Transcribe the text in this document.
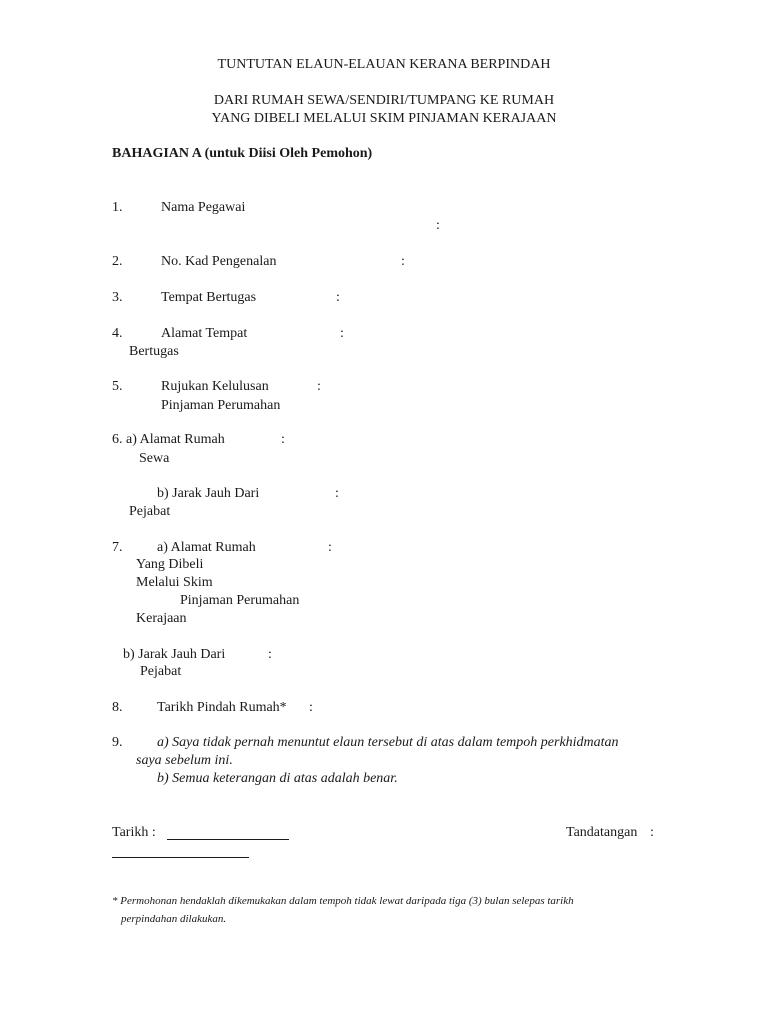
TUNTUTAN ELAUN-ELAUAN KERANA BERPINDAH
DARI RUMAH SEWA/SENDIRI/TUMPANG KE RUMAH
YANG DIBELI MELALUI SKIM PINJAMAN KERAJAAN
BAHAGIAN A (untuk Diisi Oleh Pemohon)
1.	Nama Pegawai
:
2.	No. Kad Pengenalan	:
3.	Tempat Bertugas	:
4.	Alamat Tempat	:
Bertugas
5.	Rujukan Kelulusan	:
Pinjaman Perumahan
6. a) Alamat Rumah	:
Sewa
b) Jarak Jauh Dari	:
Pejabat
7. a) Alamat Rumah	:
Yang Dibeli
Melalui Skim
Pinjaman Perumahan
Kerajaan
b) Jarak Jauh Dari	:
Pejabat
8. Tarikh Pindah Rumah* :
9. a) Saya tidak pernah menuntut elaun tersebut di atas dalam tempoh perkhidmatan
saya sebelum ini.
b) Semua keterangan di atas adalah benar.
Tarikh :	Tandatangan :
* Permohonan hendaklah dikemukakan dalam tempoh tidak lewat daripada tiga (3) bulan selepas tarikh
perpindahan dilakukan.
